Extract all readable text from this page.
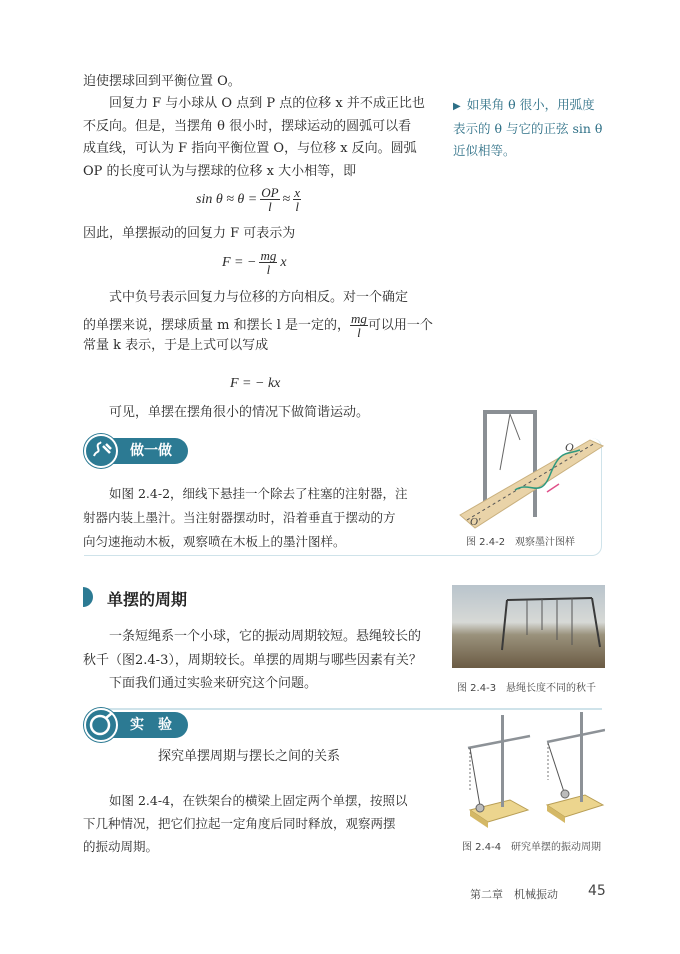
迫使摆球回到平衡位置 O。
回复力 F 与小球从 O 点到 P 点的位移 x 并不成正比也
不反向。但是，当摆角 θ 很小时，摆球运动的圆弧可以看
成直线，可认为 F 指向平衡位置 O，与位移 x 反向。圆弧
OP 的长度可认为与摆球的位移 x 大小相等，即
$\sin \theta \approx \theta = \frac{OP}{l} \approx \frac{x}{l}$
因此，单摆振动的回复力 F 可表示为
F = − $\frac{mg}{l}$ x
式中负号表示回复力与位移的方向相反。对一个确定
的单摆来说，摆球质量 m 和摆长 l 是一定的， $\frac{mg}{l}$ 可以用一个
常量 k 表示，于是上式可以写成
F = − kx
可见，单摆在摆角很小的情况下做简谐运动。
▶ 如果角 θ 很小，用弧度
表示的 θ 与它的正弦 sin θ
近似相等。
做一做
如图 2.4-2，细线下悬挂一个除去了柱塞的注射器，注
射器内装上墨汁。当注射器摆动时，沿着垂直于摆动的方
向匀速拖动木板，观察喷在木板上的墨汁图样。
O
O′
图 2.4-2　观察墨汁图样
单摆的周期
一条短绳系一个小球，它的振动周期较短。悬绳较长的
秋千（图2.4-3），周期较长。单摆的周期与哪些因素有关？
下面我们通过实验来研究这个问题。	图 2.4-3　悬绳长度不同的秋千
实　验
探究单摆周期与摆长之间的关系
如图 2.4-4，在铁架台的横梁上固定两个单摆，按照以
下几种情况，把它们拉起一定角度后同时释放，观察两摆
的振动周期。	图 2.4-4　研究单摆的振动周期
第二章　机械振动 45
